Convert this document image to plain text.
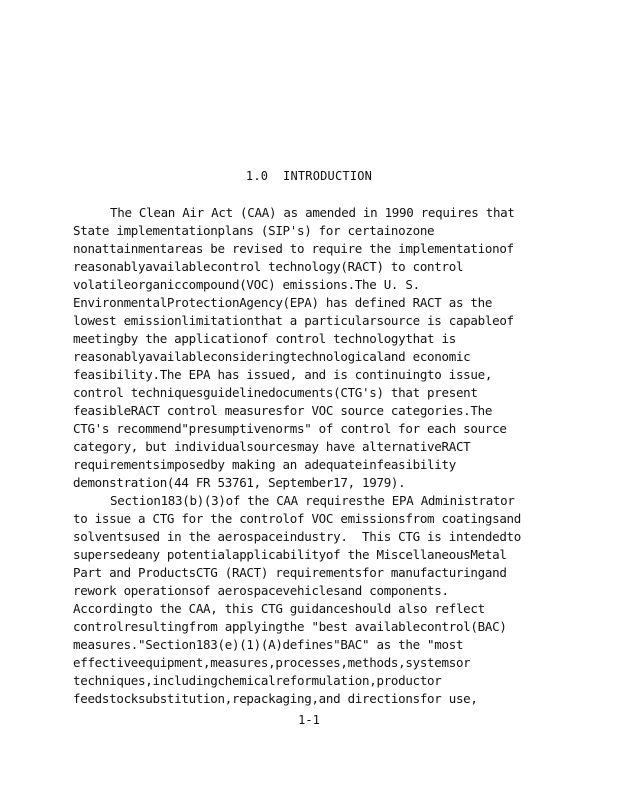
1.0  INTRODUCTION
The Clean Air Act (CAA) as amended in 1990 requires that
State implementationplans (SIP's) for certainozone
nonattainmentareas be revised to require the implementationof
reasonablyavailablecontrol technology(RACT) to control
volatileorganiccompound(VOC) emissions.The U. S.
EnvironmentalProtectionAgency(EPA) has defined RACT as the
lowest emissionlimitationthat a particularsource is capableof
meetingby the applicationof control technologythat is
reasonablyavailableconsideringtechnologicaland economic
feasibility.The EPA has issued, and is continuingto issue,
control techniquesguidelinedocuments(CTG's) that present
feasibleRACT control measuresfor VOC source categories.The
CTG's recommend"presumptivenorms" of control for each source
category, but individualsourcesmay have alternativeRACT
requirementsimposedby making an adequateinfeasibility
demonstration(44 FR 53761, September17, 1979).
Section183(b)(3)of the CAA requiresthe EPA Administrator
to issue a CTG for the controlof VOC emissionsfrom coatingsand
solventsused in the aerospaceindustry.  This CTG is intendedto
supersedeany potentialapplicabilityof the MiscellaneousMetal
Part and ProductsCTG (RACT) requirementsfor manufacturingand
rework operationsof aerospacevehiclesand components.
Accordingto the CAA, this CTG guidanceshould also reflect
controlresultingfrom applyingthe "best availablecontrol(BAC)
measures."Section183(e)(1)(A)defines"BAC" as the "most
effectiveequipment,measures,processes,methods,systemsor
techniques,includingchemicalreformulation,productor
feedstocksubstitution,repackaging,and directionsfor use,
1-1
